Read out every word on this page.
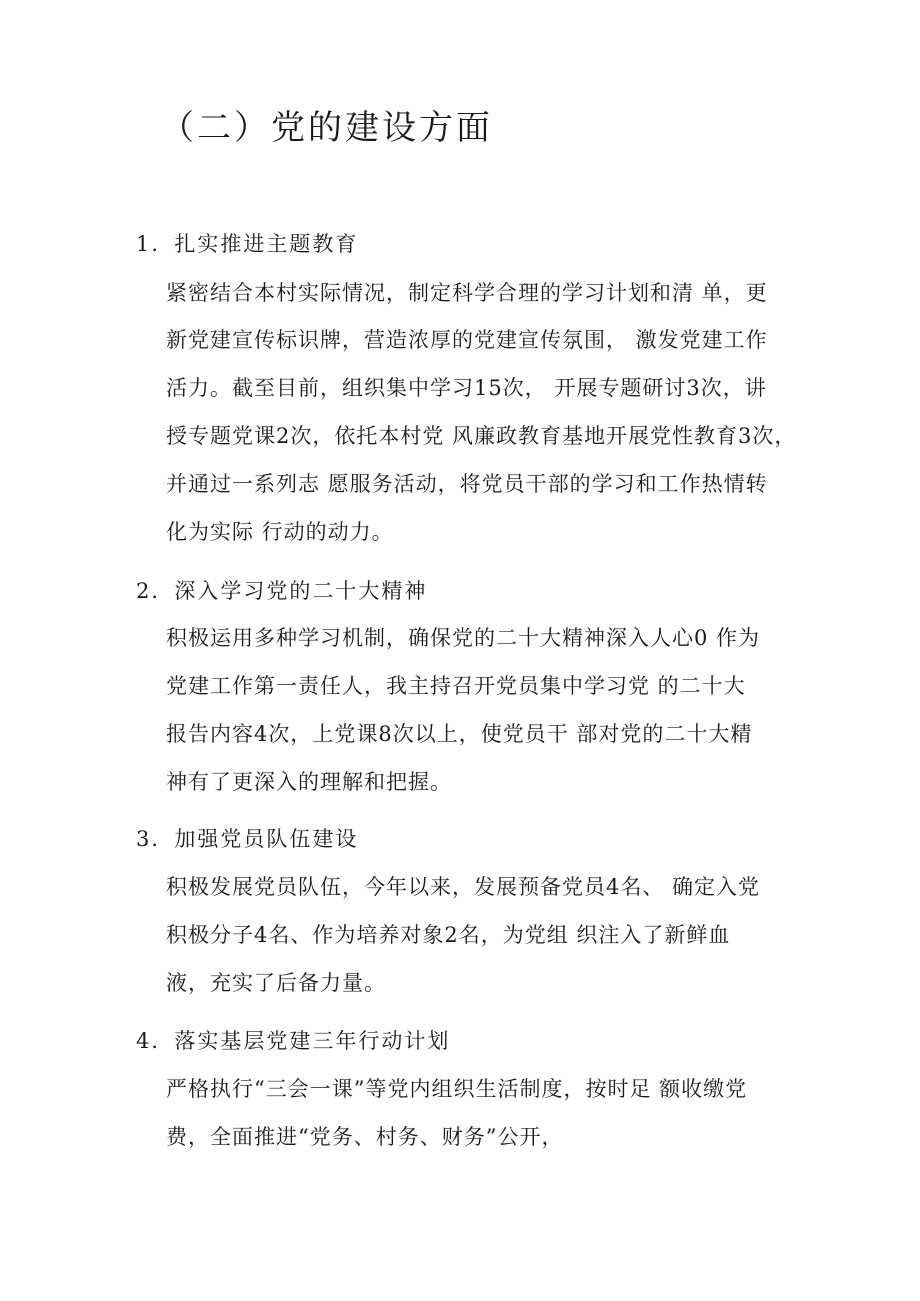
（二）党的建设方面
1．扎实推进主题教育
紧密结合本村实际情况，制定科学合理的学习计划和清 单，更
新党建宣传标识牌，营造浓厚的党建宣传氛围， 激发党建工作
活力。截至目前，组织集中学习15次， 开展专题研讨3次，讲
授专题党课2次，依托本村党 风廉政教育基地开展党性教育3次，
并通过一系列志 愿服务活动，将党员干部的学习和工作热情转
化为实际 行动的动力。
2．深入学习党的二十大精神
积极运用多种学习机制，确保党的二十大精神深入人心0 作为
党建工作第一责任人，我主持召开党员集中学习党 的二十大
报告内容4次，上党课8次以上，使党员干 部对党的二十大精
神有了更深入的理解和把握。
3．加强党员队伍建设
积极发展党员队伍，今年以来，发展预备党员4名、 确定入党
积极分子4名、作为培养对象2名，为党组 织注入了新鲜血
液，充实了后备力量。
4．落实基层党建三年行动计划
严格执行“三会一课”等党内组织生活制度，按时足 额收缴党
费，全面推进“党务、村务、财务”公开，
